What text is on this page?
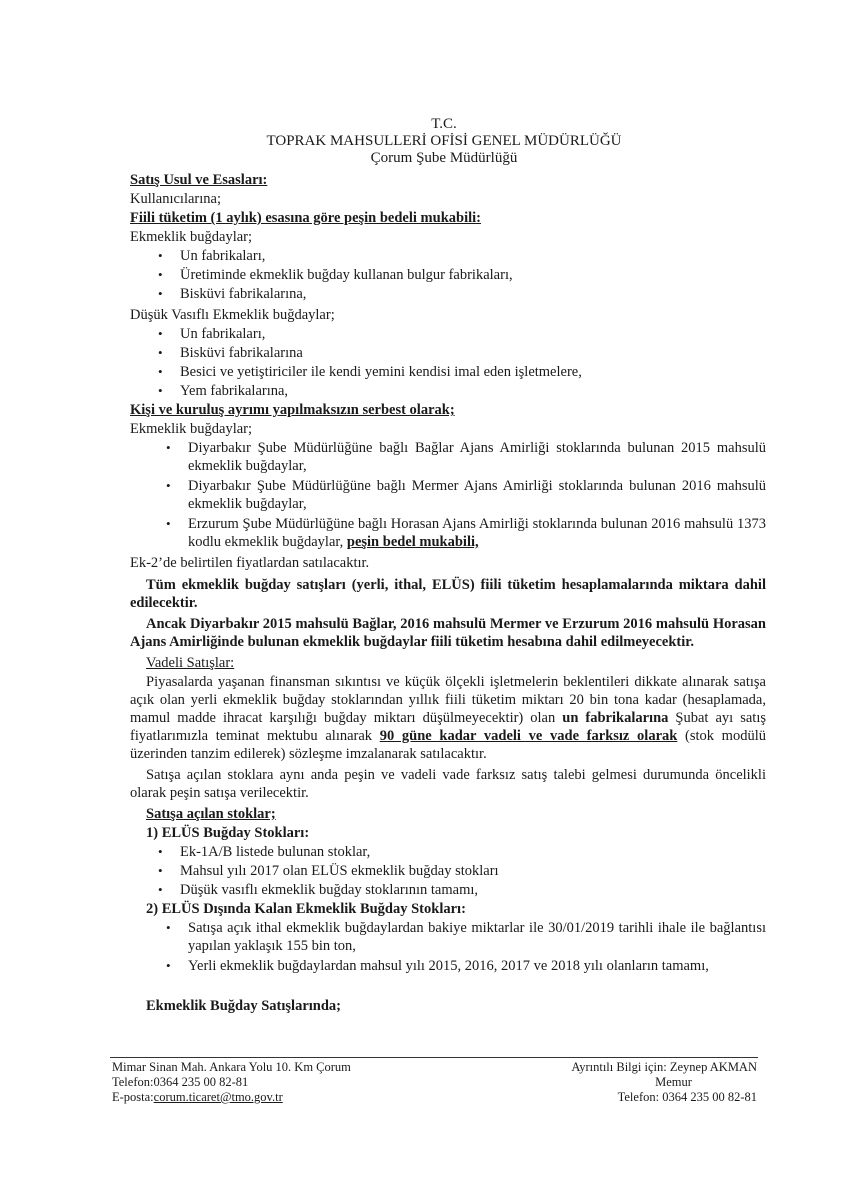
T.C.
TOPRAK MAHSULLERİ OFİSİ GENEL MÜDÜRLÜĞÜ
Çorum Şube Müdürlüğü
Satış Usul ve Esasları:
Kullanıcılarına;
Fiili tüketim (1 aylık) esasına göre peşin bedeli mukabili:
Ekmeklik buğdaylar;
• Un fabrikaları,
• Üretiminde ekmeklik buğday kullanan bulgur fabrikaları,
• Bisküvi fabrikalarına,
Düşük Vasıflı Ekmeklik buğdaylar;
• Un fabrikaları,
• Bisküvi fabrikalarına
• Besici ve yetiştiriciler ile kendi yemini kendisi imal eden işletmelere,
• Yem fabrikalarına,
Kişi ve kuruluş ayrımı yapılmaksızın serbest olarak;
Ekmeklik buğdaylar;
• Diyarbakır Şube Müdürlüğüne bağlı Bağlar Ajans Amirliği stoklarında bulunan 2015 mahsulü ekmeklik buğdaylar,
• Diyarbakır Şube Müdürlüğüne bağlı Mermer Ajans Amirliği stoklarında bulunan 2016 mahsulü ekmeklik buğdaylar,
• Erzurum Şube Müdürlüğüne bağlı Horasan Ajans Amirliği stoklarında bulunan 2016 mahsulü 1373 kodlu ekmeklik buğdaylar, peşin bedel mukabili,
Ek-2’de belirtilen fiyatlardan satılacaktır.
Tüm ekmeklik buğday satışları (yerli, ithal, ELÜS) fiili tüketim hesaplamalarında miktara dahil edilecektir.
Ancak Diyarbakır 2015 mahsulü Bağlar, 2016 mahsulü Mermer ve Erzurum 2016 mahsulü Horasan Ajans Amirliğinde bulunan ekmeklik buğdaylar fiili tüketim hesabına dahil edilmeyecektir.
Vadeli Satışlar:
Piyasalarda yaşanan finansman sıkıntısı ve küçük ölçekli işletmelerin beklentileri dikkate alınarak satışa açık olan yerli ekmeklik buğday stoklarından yıllık fiili tüketim miktarı 20 bin tona kadar (hesaplamada, mamul madde ihracat karşılığı buğday miktarı düşülmeyecektir) olan un fabrikalarına Şubat ayı satış fiyatlarımızla teminat mektubu alınarak 90 güne kadar vadeli ve vade farksız olarak (stok modülü üzerinden tanzim edilerek) sözleşme imzalanarak satılacaktır.
Satışa açılan stoklara aynı anda peşin ve vadeli vade farksız satış talebi gelmesi durumunda öncelikli olarak peşin satışa verilecektir.
Satışa açılan stoklar;
1) ELÜS Buğday Stokları:
• Ek-1A/B listede bulunan stoklar,
• Mahsul yılı 2017 olan ELÜS ekmeklik buğday stokları
• Düşük vasıflı ekmeklik buğday stoklarının tamamı,
2) ELÜS Dışında Kalan Ekmeklik Buğday Stokları:
• Satışa açık ithal ekmeklik buğdaylardan bakiye miktarlar ile 30/01/2019 tarihli ihale ile bağlantısı yapılan yaklaşık 155 bin ton,
• Yerli ekmeklik buğdaylardan mahsul yılı 2015, 2016, 2017 ve 2018 yılı olanların tamamı,
Ekmeklik Buğday Satışlarında;
Mimar Sinan Mah. Ankara Yolu 10. Km Çorum
Telefon:0364 235 00 82-81
E-posta:corum.ticaret@tmo.gov.tr
Ayrıntılı Bilgi için: Zeynep AKMAN
Memur
Telefon: 0364 235 00 82-81
